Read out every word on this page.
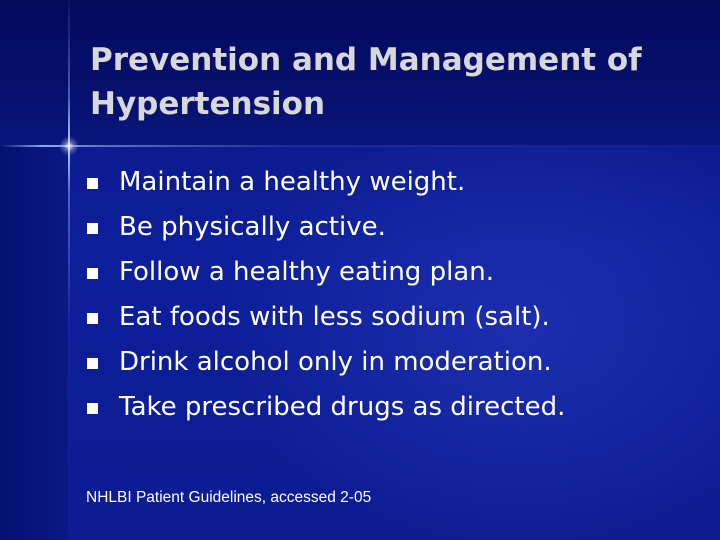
Prevention and Management of Hypertension
Maintain a healthy weight.
Be physically active.
Follow a healthy eating plan.
Eat foods with less sodium (salt).
Drink alcohol only in moderation.
Take prescribed drugs as directed.

NHLBI Patient Guidelines, accessed 2-05
